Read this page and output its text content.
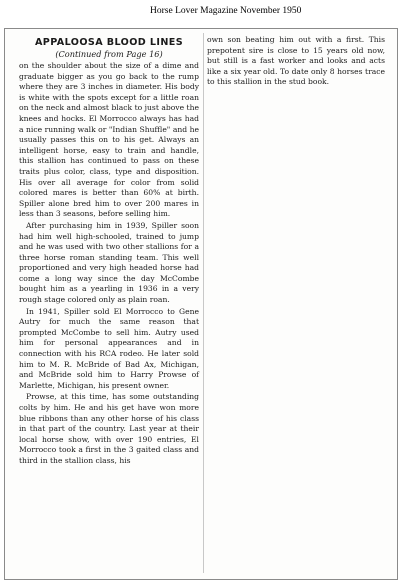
Horse Lover Magazine November 1950
APPALOOSA BLOOD LINES
(Continued from Page 16)

on the shoulder about the size of a dime and graduate bigger as you go back to the rump where they are 3 inches in diameter. His body is white with the spots except for a little roan on the neck and almost black to just above the knees and hocks. El Morrocco always has had a nice running walk or "Indian Shuffle" and he usually passes this on to his get. Always an intelligent horse, easy to train and handle, this stallion has continued to pass on these traits plus color, class, type and disposition. His over all average for color from solid colored mares is better than 60% at birth. Spiller alone bred him to over 200 mares in less than 3 seasons, before selling him.

After purchasing him in 1939, Spiller soon had him well high-schooled, trained to jump and he was used with two other stallions for a three horse roman standing team. This well proportioned and very high headed horse had come a long way since the day McCombe bought him as a yearling in 1936 in a very rough stage colored only as plain roan.

In 1941, Spiller sold El Morrocco to Gene Autry for much the same reason that prompted McCombe to sell him. Autry used him for personal appearances and in connection with his RCA rodeo. He later sold him to M. R. McBride of Bad Ax, Michigan, and McBride sold him to Harry Prowse of Marlette, Michigan, his present owner.

Prowse, at this time, has some outstanding colts by him. He and his get have won more blue ribbons than any other horse of his class in that part of the country. Last year at their local horse show, with over 190 entries, El Morrocco took a first in the 3 gaited class and third in the stallion class, his

own son beating him out with a first. This prepotent sire is close to 15 years old now, but still is a fast worker and looks and acts like a six year old. To date only 8 horses trace to this stallion in the stud book.
